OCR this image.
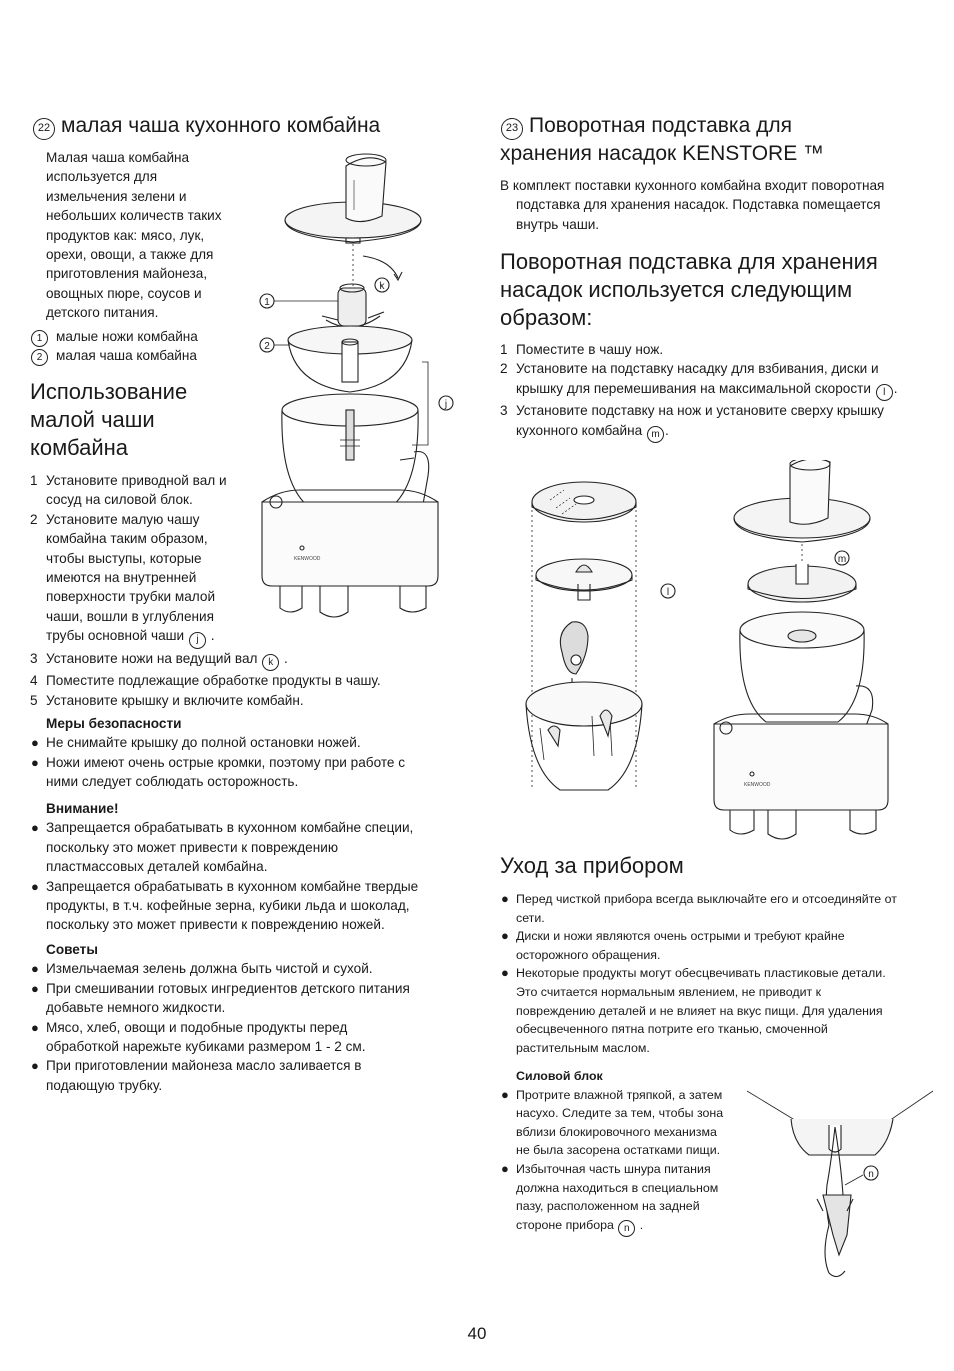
22 малая чаша кухонного комбайна
Малая чаша комбайна
используется для
измельчения зелени и
небольших количеств таких
продуктов как: мясо, лук,
орехи, овощи, а также для
приготовления майонеза,
овощных пюре, соусов и
детского питания.
1	малые ножи комбайна
2	малая чаша комбайна
Использование
малой чаши
комбайна
1 Установите приводной вал и
сосуд на силовой блок.
2 Установите малую чашу
комбайна таким образом,
чтобы выступы, которые
имеются на внутренней
поверхности трубки малой
чаши, вошли в углубления
трубы основной чаши j .
3 Установите ножи на ведущий вал k .
4 Поместите подлежащие обработке продукты в чашу.
5 Установите крышку и включите комбайн.
Меры безопасности
● Не снимайте крышку до полной остановки ножей.
● Ножи имеют очень острые кромки, поэтому при работе с
ними следует соблюдать осторожность.
Внимание!
● Запрещается обрабатывать в кухонном комбайне специи,
поскольку это может привести к повреждению
пластмассовых деталей комбайна.
● Запрещается обрабатывать в кухонном комбайне твердые
продукты, в т.ч. кофейные зерна, кубики льда и шоколад,
поскольку это может привести к повреждению ножей.
Советы
● Измельчаемая зелень должна быть чистой и сухой.
● При смешивании готовых ингредиентов детского питания
добавьте немного жидкости.
● Мясо, хлеб, овощи и подобные продукты перед
обработкой нарежьте кубиками размером 1 - 2 см.
● При приготовлении майонеза масло заливается в
подающую трубку.
KENWOOD
1
2
k
j
23 Поворотная подставка для
хранения насадок KENSTORE ™
В комплект поставки кухонного комбайна входит поворотная
подставка для хранения насадок. Подставка помещается
внутрь чаши.
Поворотная подставка для хранения
насадок используется следующим
образом:
1 Поместите в чашу нож.
2 Установите на подставку насадку для взбивания, диски и
крышку для перемешивания на максимальной скорости l .
3 Установите подставку на нож и установите сверху крышку
кухонного комбайна m .
KENWOOD
l
m
Уход за прибором
● Перед чисткой прибора всегда выключайте его и отсоединяйте от
сети.
● Диски и ножи являются очень острыми и требуют крайне
осторожного обращения.
● Некоторые продукты могут обесцвечивать пластиковые детали.
Это считается нормальным явлением, не приводит к
повреждению деталей и не влияет на вкус пищи. Для удаления
обесцвеченного пятна потрите его тканью, смоченной
растительным маслом.
Силовой блок
● Протрите влажной тряпкой, а затем
насухо. Следите за тем, чтобы зона
вблизи блокировочного механизма
не была засорена остатками пищи.
● Избыточная часть шнура питания
должна находиться в специальном
пазу, расположенном на задней
стороне прибора n .
n
40
